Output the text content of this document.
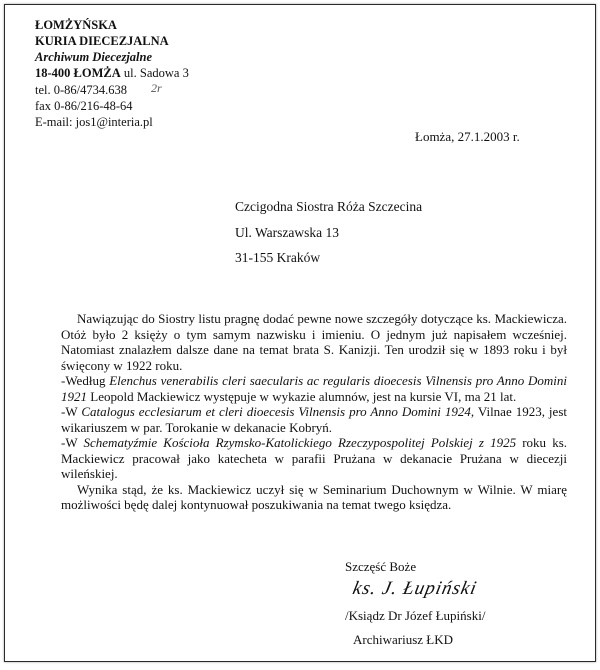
ŁOMŻYŃSKA
KURIA DIECEZJALNA
Archiwum Diecezjalne
18-400 ŁOMŻA ul. Sadowa 3
2r
tel. 0-86/4734.638
fax 0-86/216-48-64
E-mail: jos1@interia.pl
Łomża, 27.1.2003 r.
Czcigodna Siostra Róża Szczecina
Ul. Warszawska 13
31-155 Kraków

Nawiązując do Siostry listu pragnę dodać pewne nowe szczegóły dotyczące ks. Mackiewicza. Otóż było 2 księży o tym samym nazwisku i imieniu. O jednym już napisałem wcześniej. Natomiast znalazłem dalsze dane na temat brata S. Kanizji. Ten urodził się w 1893 roku i był święcony w 1922 roku.

-Według Elenchus venerabilis cleri saecularis ac regularis dioecesis Vilnensis pro Anno Domini 1921 Leopold Mackiewicz występuje w wykazie alumnów, jest na kursie VI, ma 21 lat.

-W Catalogus ecclesiarum et cleri dioecesis Vilnensis pro Anno Domini 1924, Vilnae 1923, jest wikariuszem w par. Torokanie w dekanacie Kobryń.

-W Schematyźmie Kościoła Rzymsko-Katolickiego Rzeczypospolitej Polskiej z 1925 roku ks. Mackiewicz pracował jako katecheta w parafii Prużana w dekanacie Prużana w diecezji wileńskiej.

Wynika stąd, że ks. Mackiewicz uczył się w Seminarium Duchownym w Wilnie. W miarę możliwości będę dalej kontynuował poszukiwania na temat twego księdza.

Szczęść Boże
ks. J. Łupiński
/Ksiądz Dr Józef Łupiński/
Archiwariusz ŁKD
